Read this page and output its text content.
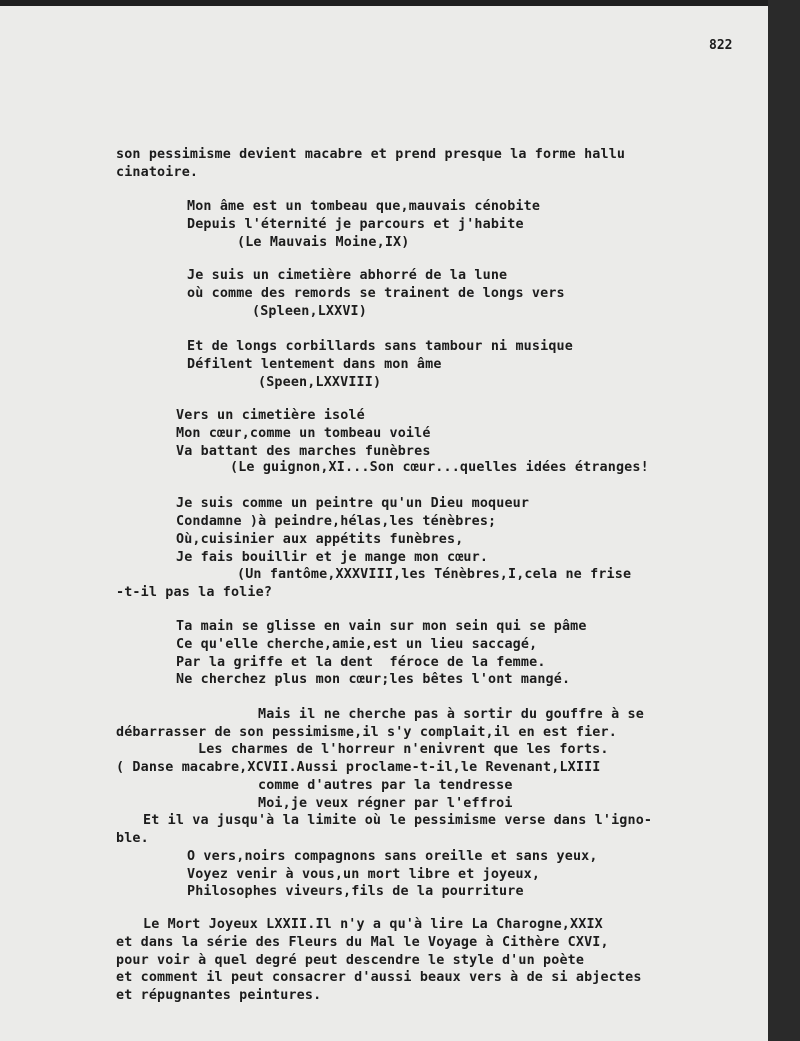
822
son pessimisme devient macabre et prend presque la forme hallu
cinatoire.
Mon âme est un tombeau que,mauvais cénobite
Depuis l'éternité je parcours et j'habite
(Le Mauvais Moine,IX)
Je suis un cimetière abhorré de la lune
où comme des remords se trainent de longs vers
(Spleen,LXXVI)
Et de longs corbillards sans tambour ni musique
Défilent lentement dans mon âme
(Speen,LXXVIII)
Vers un cimetière isolé
Mon cœur,comme un tombeau voilé
Va battant des marches funèbres
(Le guignon,XI...Son cœur...quelles idées étranges!
Je suis comme un peintre qu'un Dieu moqueur
Condamne )à peindre,hélas,les ténèbres;
Où,cuisinier aux appétits funèbres,
Je fais bouillir et je mange mon cœur.
(Un fantôme,XXXVIII,les Ténèbres,I,cela ne frise
-t-il pas la folie?
Ta main se glisse en vain sur mon sein qui se pâme
Ce qu'elle cherche,amie,est un lieu saccagé,
Par la griffe et la dent  féroce de la femme.
Ne cherchez plus mon cœur;les bêtes l'ont mangé.
Mais il ne cherche pas à sortir du gouffre à se
débarrasser de son pessimisme,il s'y complait,il en est fier.
Les charmes de l'horreur n'enivrent que les forts.
( Danse macabre,XCVII.Aussi proclame-t-il,le Revenant,LXIII
comme d'autres par la tendresse
Moi,je veux régner par l'effroi
Et il va jusqu'à la limite où le pessimisme verse dans l'igno-
ble.
O vers,noirs compagnons sans oreille et sans yeux,
Voyez venir à vous,un mort libre et joyeux,
Philosophes viveurs,fils de la pourriture
Le Mort Joyeux LXXII.Il n'y a qu'à lire La Charogne,XXIX
et dans la série des Fleurs du Mal le Voyage à Cithère CXVI,
pour voir à quel degré peut descendre le style d'un poète
et comment il peut consacrer d'aussi beaux vers à de si abjectes
et répugnantes peintures.
